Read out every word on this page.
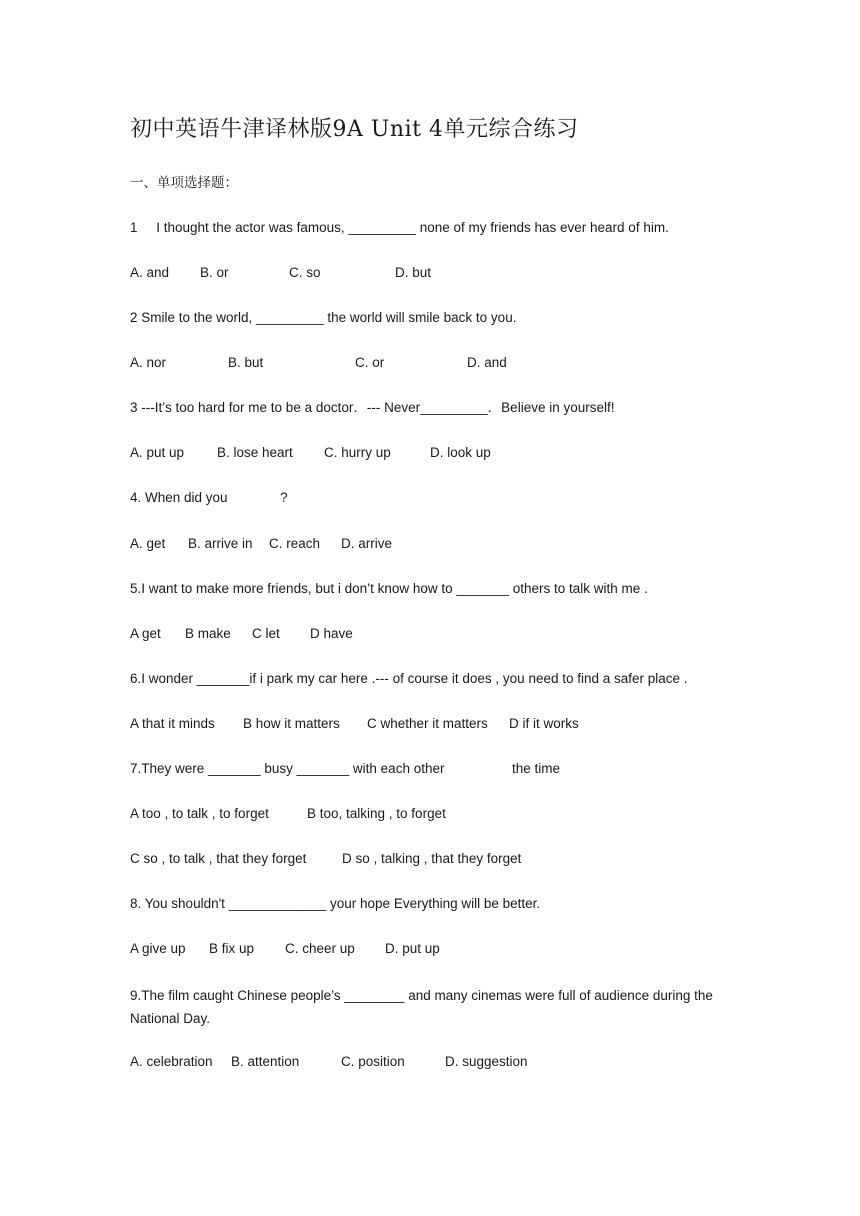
初中英语牛津译林版9A Unit 4单元综合练习
一、单项选择题：
1     I thought the actor was famous, _________ none of my friends has ever heard of him.
A. and B. or	C. so	D. but
2 Smile to the world, _________ the world will smile back to you.
A. nor	B. but	C. or	D. and
3 ---It’s too hard for me to be a doctor．--- Never_________．Believe in yourself!
A. put up B. lose heart C. hurry up	D. look up
4. When did you              ?
A. get B. arrive in C. reach D. arrive
5.I want to make more friends, but i don’t know how to _______ others to talk with me .
A get B make C let D have
6.I wonder _______if i park my car here .--- of course it does , you need to find a safer place .
A that it minds B how it matters C whether it matters D if it works
7.They were _______ busy _______ with each other                  the time
A too , to talk , to forget	B too, talking , to forget
C so , to talk , that they forget	D so , talking , that they forget
8. You shouldn't _____________ your hope Everything will be better.
A give up B fix up C. cheer up D. put up
9.The film caught Chinese people’s ________ and many cinemas were full of audience during the National Day.
A. celebration B. attention	C. position	D. suggestion
